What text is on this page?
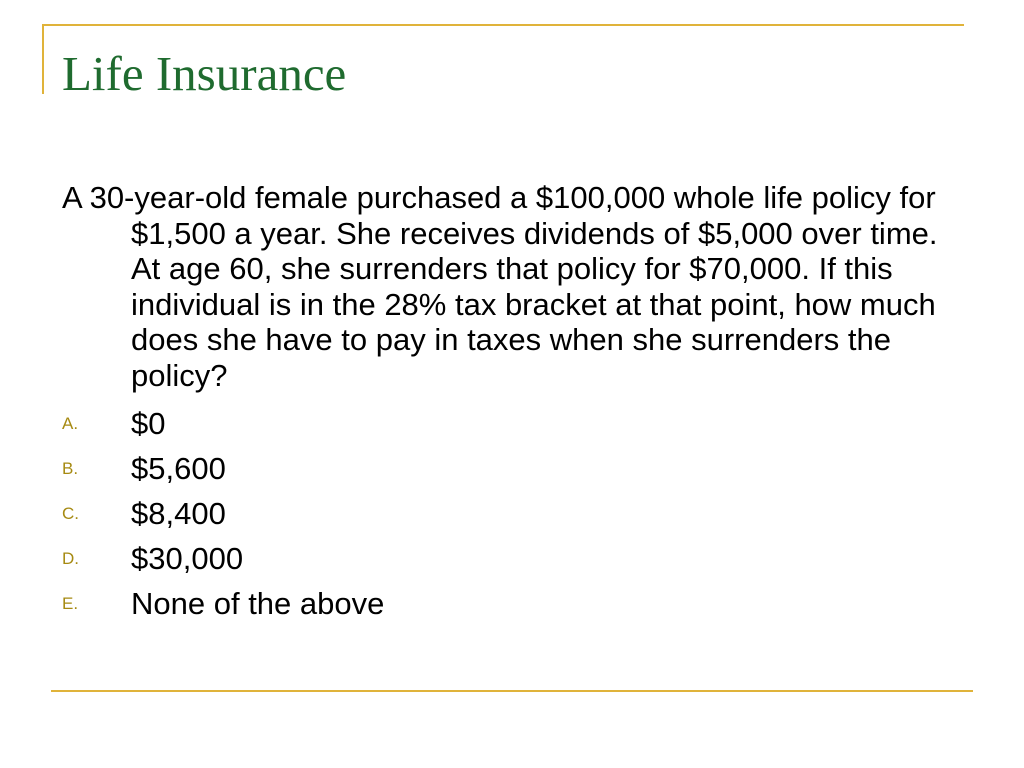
Life Insurance

A 30-year-old female purchased a $100,000 whole life policy for $1,500 a year. She receives dividends of $5,000 over time. At age 60, she surrenders that policy for $70,000. If this individual is in the 28% tax bracket at that point, how much does she have to pay in taxes when she surrenders the policy?

A. $0
B. $5,600
C. $8,400
D. $30,000
E. None of the above
